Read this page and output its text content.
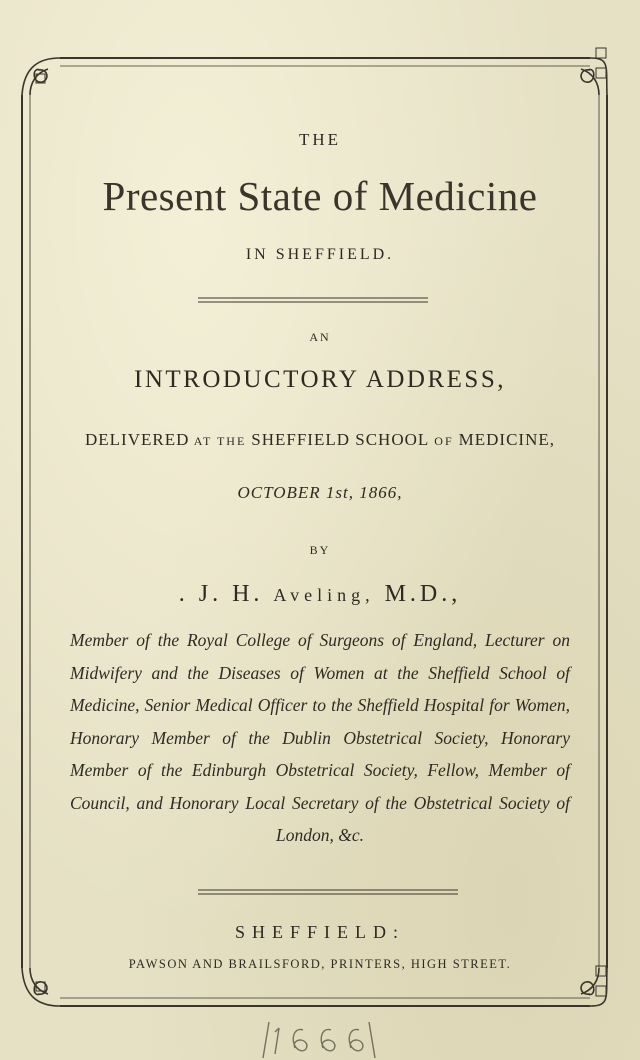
THE
Present State of Medicine
IN SHEFFIELD.
AN
INTRODUCTORY ADDRESS,
DELIVERED AT THE SHEFFIELD SCHOOL OF MEDICINE,
OCTOBER 1st, 1866,
BY
. J. H. Aveling, M.D.,
Member of the Royal College of Surgeons of England, Lecturer on Midwifery and the Diseases of Women at the Sheffield School of Medicine, Senior Medical Officer to the Sheffield Hospital for Women, Honorary Member of the Dublin Obstetrical Society, Honorary Member of the Edinburgh Obstetrical Society, Fellow, Member of Council, and Honorary Local Secretary of the Obstetrical Society of London, &c.
SHEFFIELD:
PAWSON AND BRAILSFORD, PRINTERS, HIGH STREET.
